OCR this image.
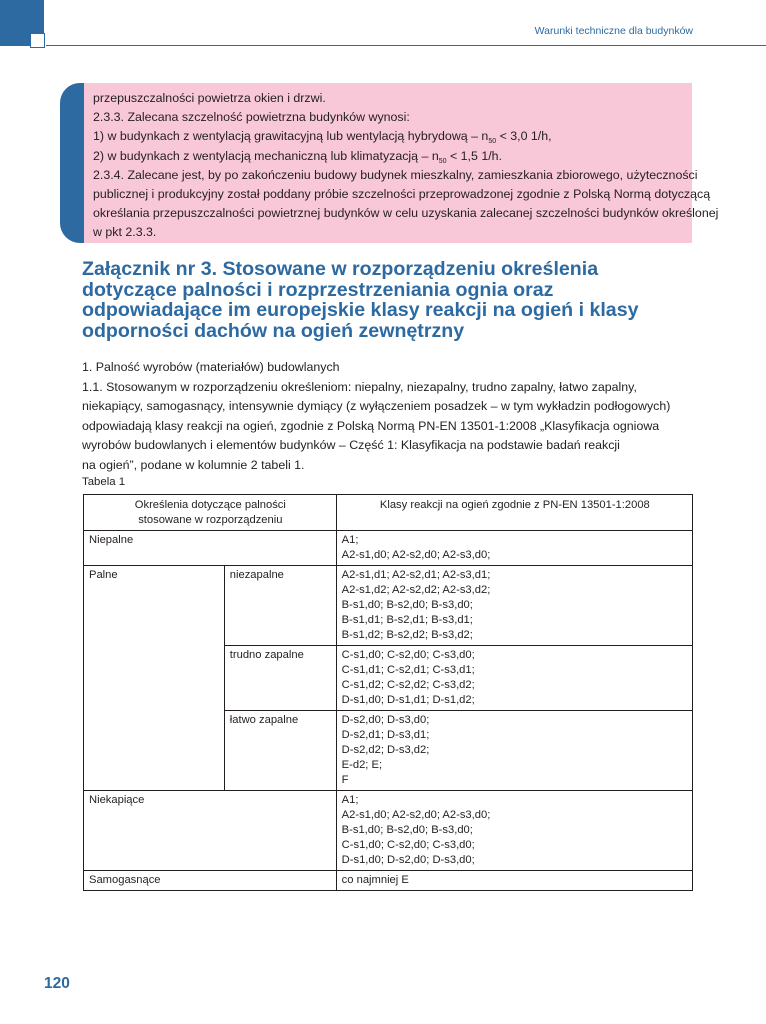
Warunki techniczne dla budynków
przepuszczalności powietrza okien i drzwi.
2.3.3. Zalecana szczelność powietrzna budynków wynosi:
1) w budynkach z wentylacją grawitacyjną lub wentylacją hybrydową – $n_{50} < 3,0$ 1/h,
2) w budynkach z wentylacją mechaniczną lub klimatyzacją – $n_{50} < 1,5$ 1/h.
2.3.4. Zalecane jest, by po zakończeniu budowy budynek mieszkalny, zamieszkania zbiorowego, użyteczności
publicznej i produkcyjny został poddany próbie szczelności przeprowadzonej zgodnie z Polską Normą dotyczącą
określania przepuszczalności powietrznej budynków w celu uzyskania zalecanej szczelności budynków określonej
w pkt 2.3.3.
Załącznik nr 3. Stosowane w rozporządzeniu określenia
dotyczące palności i rozprzestrzeniania ognia oraz
odpowiadające im europejskie klasy reakcji na ogień i klasy
odporności dachów na ogień zewnętrzny
1. Palność wyrobów (materiałów) budowlanych
1.1. Stosowanym w rozporządzeniu określeniom: niepalny, niezapalny, trudno zapalny, łatwo zapalny,
niekapiący, samogasnący, intensywnie dymiący (z wyłączeniem posadzek – w tym wykładzin podłogowych)
odpowiadają klasy reakcji na ogień, zgodnie z Polską Normą PN-EN 13501-1:2008 „Klasyfikacja ogniowa
wyrobów budowlanych i elementów budynków – Część 1: Klasyfikacja na podstawie badań reakcji
na ogień”, podane w kolumnie 2 tabeli 1.
Tabela 1
Określenia dotyczące palności
stosowane w rozporządzeniu		Klasy reakcji na ogień zgodnie z PN-EN 13501-1:2008
Niepalne		A1;
A2-s1,d0; A2-s2,d0; A2-s3,d0;

Palne	niezapalne	A2-s1,d1; A2-s2,d1; A2-s3,d1;
A2-s1,d2; A2-s2,d2; A2-s3,d2;
B-s1,d0; B-s2,d0; B-s3,d0;
B-s1,d1; B-s2,d1; B-s3,d1;
B-s1,d2; B-s2,d2; B-s3,d2;

	trudno zapalne	C-s1,d0; C-s2,d0; C-s3,d0;
C-s1,d1; C-s2,d1; C-s3,d1;
C-s1,d2; C-s2,d2; C-s3,d2;
D-s1,d0; D-s1,d1; D-s1,d2;

	łatwo zapalne	D-s2,d0; D-s3,d0;
D-s2,d1; D-s3,d1;
D-s2,d2; D-s3,d2;
E-d2; E;
F

Niekapiące		A1;
A2-s1,d0; A2-s2,d0; A2-s3,d0;
B-s1,d0; B-s2,d0; B-s3,d0;
C-s1,d0; C-s2,d0; C-s3,d0;
D-s1,d0; D-s2,d0; D-s3,d0;

Samogasnące		co najmniej E
120
